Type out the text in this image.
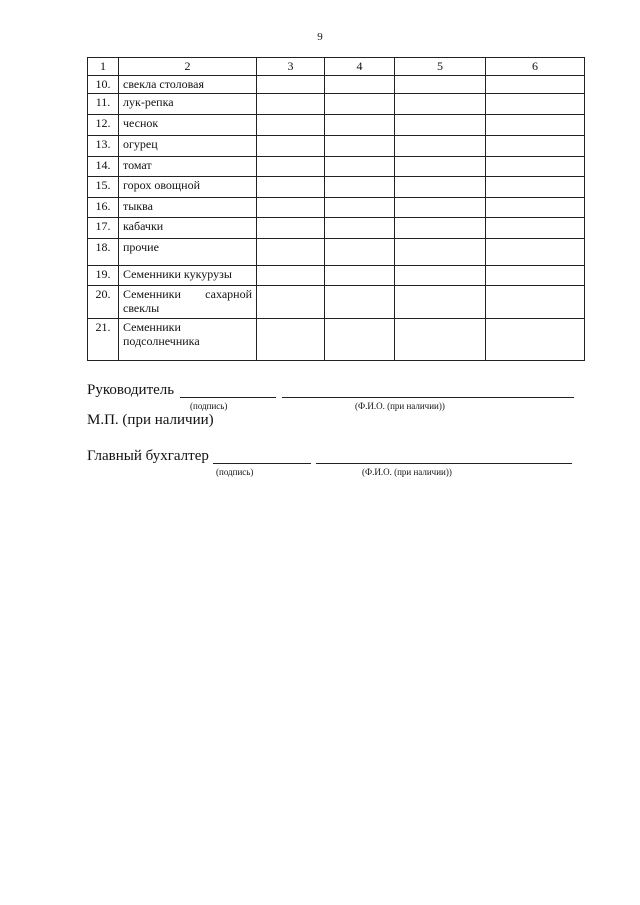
9
1	2	3	4	5	6
10.	свекла столовая				
11.	лук-репка				
12.	чеснок				
13.	огурец				
14.	томат				
15.	горох овощной				
16.	тыква				
17.	кабачки				
18.	прочие				
19.	Семенники кукурузы				
20.	Семенники сахарной свеклы				
21.	Семенники подсолнечника				
Руководитель
(подпись)	(Ф.И.О. (при наличии))
М.П. (при наличии)
Главный бухгалтер
(подпись)	(Ф.И.О. (при наличии))
